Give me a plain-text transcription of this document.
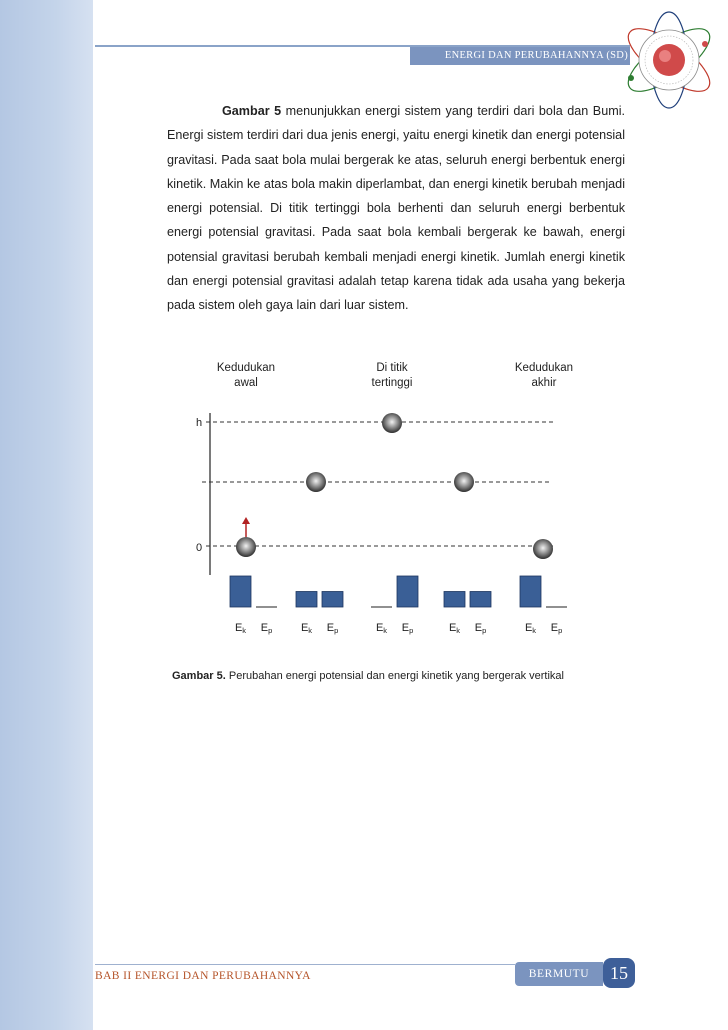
ENERGI DAN PERUBAHANNYA (SD)

Gambar 5 menunjukkan energi sistem yang terdiri dari bola dan Bumi. Energi sistem terdiri dari dua jenis energi, yaitu energi kinetik dan energi potensial gravitasi. Pada saat bola mulai bergerak ke atas, seluruh energi berbentuk energi kinetik. Makin ke atas bola makin diperlambat, dan energi kinetik berubah menjadi energi potensial. Di titik tertinggi bola berhenti dan seluruh energi berbentuk energi potensial gravitasi. Pada saat bola kembali bergerak ke bawah, energi potensial gravitasi berubah kembali menjadi energi kinetik. Jumlah energi kinetik dan energi potensial gravitasi adalah tetap karena tidak ada usaha yang bekerja pada sistem oleh gaya lain dari luar sistem.

Kedudukan
awal
Di titik
tertinggi
Kedudukan
akhir
h
0
Ek Ep	Ek Ep	Ek Ep	Ek Ep	Ek Ep
Gambar 5. Perubahan energi potensial dan energi kinetik yang bergerak vertikal
BAB II ENERGI DAN PERUBAHANNYA	BERMUTU	15
